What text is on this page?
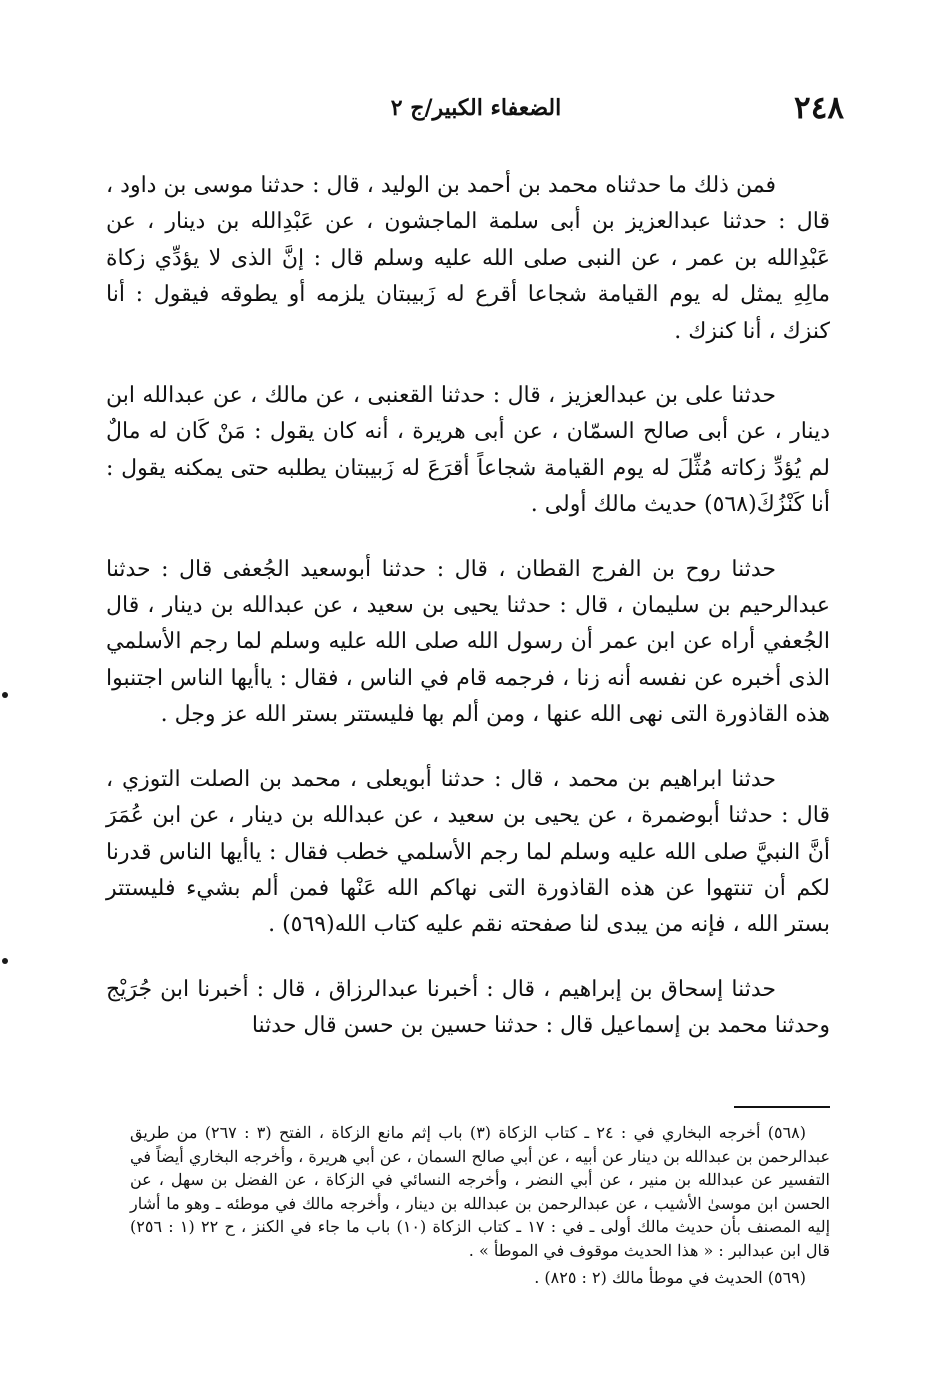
٢٤٨
الضعفاء الكبير/ج ٢

فمن ذلك ما حدثناه محمد بن أحمد بن الوليد ، قال : حدثنا موسى بن داود ، قال : حدثنا عبدالعزيز بن أبى سلمة الماجشون ، عن عَبْدِالله بن دينار ، عن عَبْدِالله بن عمر ، عن النبى صلى الله عليه وسلم قال : إنَّ الذى لا يؤدِّي زكاة مالِهِ يمثل له يوم القيامة شجاعا أقرع له زَبيبتان يلزمه أو يطوقه فيقول : أنا كنزك ، أنا كنزك .

حدثنا على بن عبدالعزيز ، قال : حدثنا القعنبى ، عن مالك ، عن عبدالله ابن دينار ، عن أبى صالح السمّان ، عن أبى هريرة ، أنه كان يقول : مَنْ كَان له مالٌ لم يُؤدِّ زكاته مُثِّلَ له يوم القيامة شجاعاً أقرَعَ له زَبيبتان يطلبه حتى يمكنه يقول : أنا كَنْزُكَ(٥٦٨) حديث مالك أولى .

حدثنا روح بن الفرج القطان ، قال : حدثنا أبوسعيد الجُعفى قال : حدثنا عبدالرحيم بن سليمان ، قال : حدثنا يحيى بن سعيد ، عن عبدالله بن دينار ، قال الجُعفي أراه عن ابن عمر أن رسول الله صلى الله عليه وسلم لما رجم الأسلمي الذى أخبره عن نفسه أنه زنا ، فرجمه قام في الناس ، فقال : ياأيها الناس اجتنبوا هذه القاذورة التى نهى الله عنها ، ومن ألم بها فليستتر بستر الله عز وجل .

حدثنا ابراهيم بن محمد ، قال : حدثنا أبويعلى ، محمد بن الصلت التوزي ، قال : حدثنا أبوضمرة ، عن يحيى بن سعيد ، عن عبدالله بن دينار ، عن ابن عُمَرَ أنَّ النبيَّ صلى الله عليه وسلم لما رجم الأسلمي خطب فقال : ياأيها الناس قدرنا لكم أن تنتهوا عن هذه القاذورة التى نهاكم الله عَنْها فمن ألم بشيء فليستتر بستر الله ، فإنه من يبدى لنا صفحته نقم عليه كتاب الله(٥٦٩) .

حدثنا إسحاق بن إبراهيم ، قال : أخبرنا عبدالرزاق ، قال : أخبرنا ابن جُرَيْج وحدثنا محمد بن إسماعيل قال : حدثنا حسين بن حسن قال حدثنا

(٥٦٨) أخرجه البخاري في : ٢٤ ـ كتاب الزكاة (٣) باب إثم مانع الزكاة ، الفتح (٣ : ٢٦٧) من طريق عبدالرحمن بن عبدالله بن دينار عن أبيه ، عن أبي صالح السمان ، عن أبي هريرة ، وأخرجه البخاري أيضاً في التفسير عن عبدالله بن منير ، عن أبي النضر ، وأخرجه النسائي في الزكاة ، عن الفضل بن سهل ، عن الحسن ابن موسىٰ الأشيب ، عن عبدالرحمن بن عبدالله بن دينار ، وأخرجه مالك في موطئه ـ وهو ما أشار إليه المصنف بأن حديث مالك أولى ـ في : ١٧ ـ كتاب الزكاة (١٠) باب ما جاء في الكنز ، ح ٢٢ (١ : ٢٥٦) قال ابن عبدالبر : « هذا الحديث موقوف في الموطأ » .

(٥٦٩) الحديث في موطأ مالك (٢ : ٨٢٥) .
